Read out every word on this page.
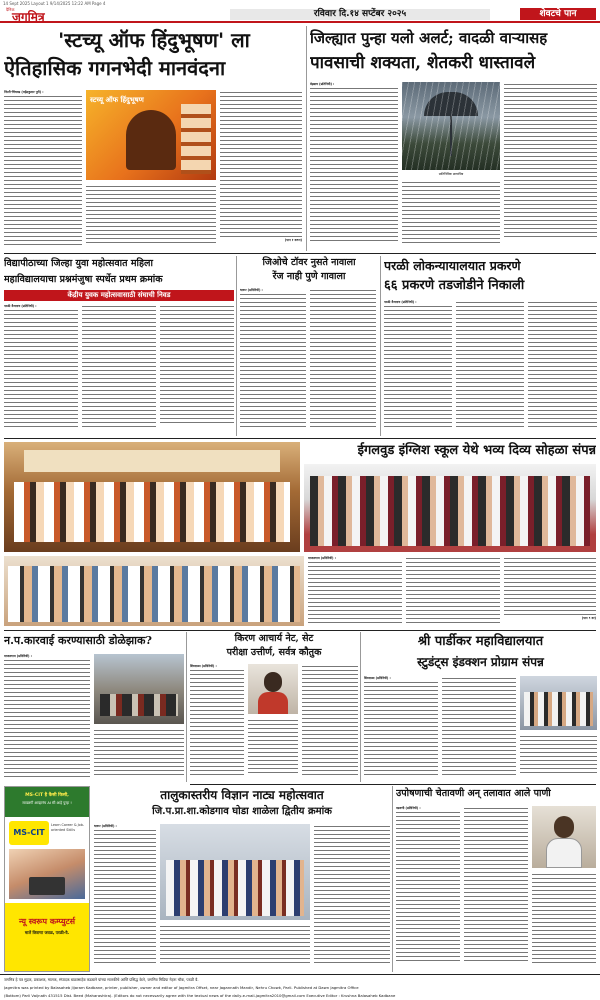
14 Sept 2025 Layout 1 9/14/2025 12:22 AM Page 4
दैनिक
जगमित्र	रविवार दि.१४ सप्टेंबर २०२५	शेवटचे पान
'स्टच्यू ऑफ हिंदुभूषण' ला
ऐतिहासिक गगनभेदी मानवंदना
पिंपरी-चिंचवड (महेंद्रकुमार पुरी) :
स्टच्यू ऑफ हिंदुभूषण
(पान १ वरून)
जिल्ह्यात पुन्हा यलो अलर्ट; वादळी वाऱ्यासह
पावसाची शक्यता, शेतकरी धास्तावले
बेड़ग्राम (प्रतिनिधी) :
प्रातिनिधिक छायाचित्र
विद्यापीठाच्या जिल्हा युवा महोत्सवात महिला
महाविद्यालयाचा प्रश्नमंजुषा स्पर्धेत प्रथम क्रमांक
केंद्रीय युवक महोत्सवासाठी संघाची निवड
परळी वैजनाथ (प्रतिनिधी) :
जिओचे टॉवर नुसते नावाला
रेंज नाही पुणे गावाला
धारूर (प्रतिनिधी) :
परळी लोकन्यायालयात प्रकरणे
६६ प्रकरणे तडजोडीने निकाली
परळी वैजनाथ (प्रतिनिधी) :
ईगलवुड इंग्लिश स्कूल येथे भव्य दिव्य सोहळा संपन्न
माजलगाव (प्रतिनिधी) :
(पान ९ वर)
न.प.कारवाई करण्यासाठी डोळेझाक?
माजलगाव (प्रतिनिधी) :
किरण आचार्य नेट, सेट
परीक्षा उत्तीर्ण, सर्वत्र कौतुक
शिरसाळा (प्रतिनिधी) :
श्री पार्डीकर महाविद्यालयात
स्टुडंट्स इंडक्शन प्रोग्राम संपन्न
सिरसाळा (प्रतिनिधी) :
MS-CIT है कैसी किसी,
सावळगी आव्हानंच AI सी आहे पुन्हा !
MS-CIT
Learn Career & Job-oriented Skills
न्यू स्वरूप कम्प्युटर्स
मालें किराणा जवळ, परळी-वै.
तालुकास्तरीय विज्ञान नाट्य महोत्सवात
जि.प.प्रा.शा.कोडगाव घोडा शाळेला द्वितीय क्रमांक
धारूर (प्रतिनिधी) :
उपोषणाची चेतावणी अन् तलावात आले पाणी
वडवणी (प्रतिनिधी) :
जगमित्र हे पत्र मुद्रक, प्रकाशक, मालक, संपादक बाळासाहेब कडबाने यांच्या मालकीचे आणि प्रसिद्ध केले, जगमित्र मिडिया नेहरू चौक, परळी वै.
Jagmitra was printed by Balasaheb Jijaram Kadbane, printer, publisher, owner and editor of Jagmitra Offset, near Jagannath Mandir, Nehru Chowk, Parli. Published at Dawn Jagmitra Office
(Bottom) Parli Vaijnath 431515 Dist. Beed (Maharashtra). (Editors do not necessarily agree with the textual news of the daily-e-mail-jagmitra2010@gmail.com Executive Editor : Krushna Balasaheb Kadbane
